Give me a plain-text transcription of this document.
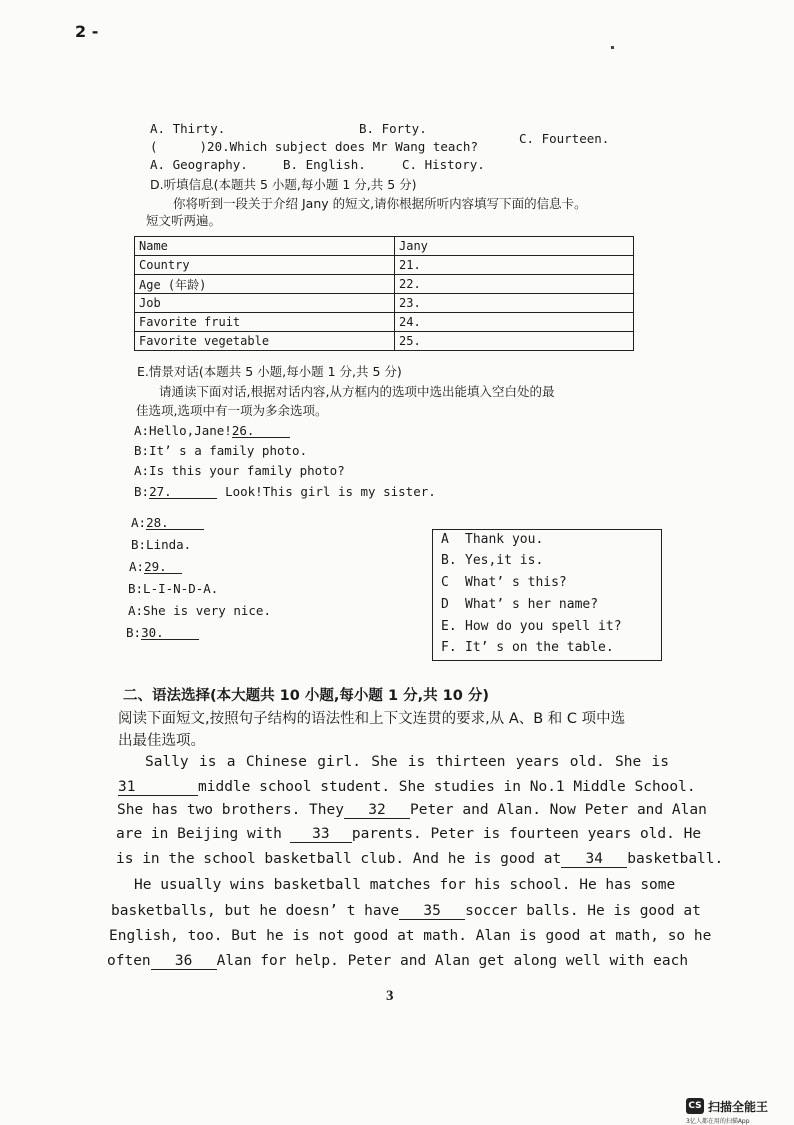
2 -
A. Thirty.	B. Forty.
C. Fourteen.
(	)20.Which subject does Mr Wang teach?
A. Geography.	B. English.	C. History.
D.听填信息(本题共 5 小题,每小题 1 分,共 5 分)
你将听到一段关于介绍 Jany 的短文,请你根据所听内容填写下面的信息卡。
短文听两遍。
Name	Jany
Country	21.
Age (年龄)	22.
Job	23.
Favorite fruit	24.
Favorite vegetable	25.
E.情景对话(本题共 5 小题,每小题 1 分,共 5 分)
请通读下面对话,根据对话内容,从方框内的选项中选出能填入空白处的最
佳选项,选项中有一项为多余选项。
A:Hello,Jane!26.
B:It’ s a family photo.
A:Is this your family photo?
B:27.	Look!This girl is my sister.
A:28.
B:Linda.
A:29.
B:L-I-N-D-A.
A:She is very nice.
B:30.
A Thank you.
B. Yes,it is.
C What’ s this?
D What’ s her name?
E. How do you spell it?
F. It’ s on the table.
二、语法选择(本大题共 10 小题,每小题 1 分,共 10 分)
阅读下面短文,按照句子结构的语法性和上下文连贯的要求,从 A、B 和 C 项中选
出最佳选项。
Sally is a Chinese girl. She is thirteen years old. She is
31	middle school student. She studies in No.1 Middle School.
She has two brothers. They 32 Peter and Alan. Now Peter and Alan
are in Beijing with 33 parents. Peter is fourteen years old. He
is in the school basketball club. And he is good at 34 basketball.
He usually wins basketball matches for his school. He has some
basketballs, but he doesn’ t have 35 soccer balls. He is good at
English, too. But he is not good at math. Alan is good at math, so he
often 36 Alan for help. Peter and Alan get along well with each
3
CS 扫描全能王
3亿人都在用的扫描App
